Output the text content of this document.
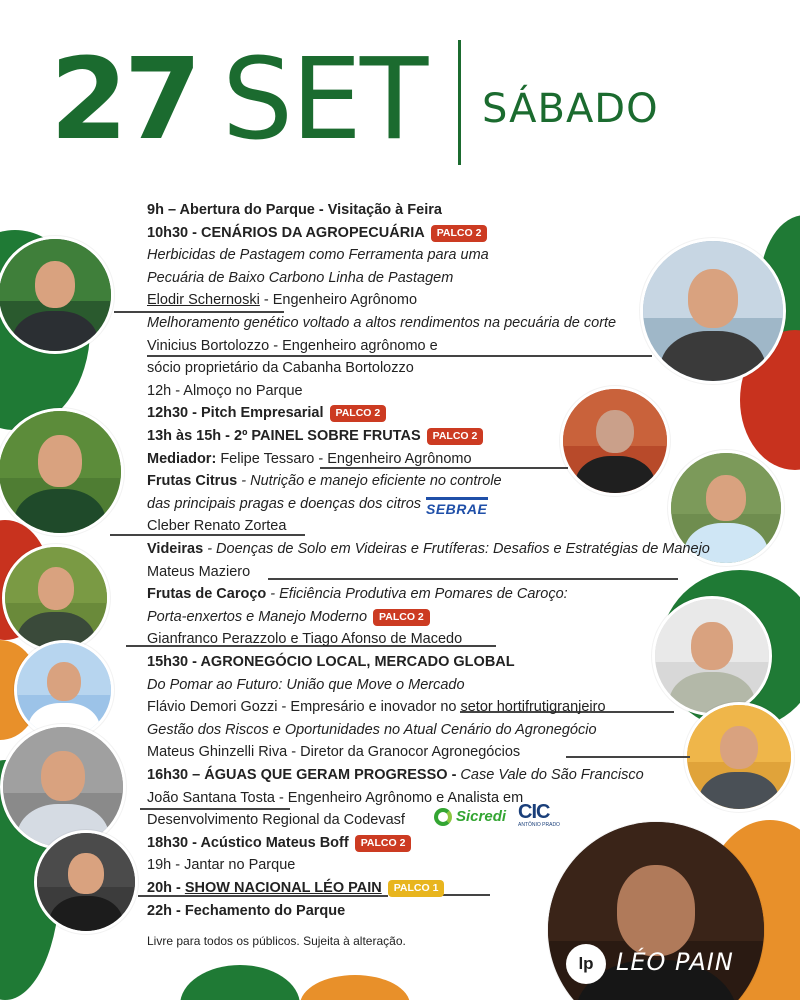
27 SET SÁBADO
9h – Abertura do Parque - Visitação à Feira
10h30 - CENÁRIOS DA AGROPECUÁRIA PALCO 2
Herbicidas de Pastagem como Ferramenta para uma
Pecuária de Baixo Carbono Linha de Pastagem
Elodir Schernoski - Engenheiro Agrônomo
Melhoramento genético voltado a altos rendimentos na pecuária de corte
Vinicius Bortolozzo - Engenheiro agrônomo e
sócio proprietário da Cabanha Bortolozzo
12h - Almoço no Parque
12h30 - Pitch Empresarial PALCO 2
13h às 15h - 2º PAINEL SOBRE FRUTAS PALCO 2
Mediador: Felipe Tessaro - Engenheiro Agrônomo
Frutas Citrus - Nutrição e manejo eficiente no controle
das principais pragas e doenças dos citros
Cleber Renato Zortea
Videiras - Doenças de Solo em Videiras e Frutíferas: Desafios e Estratégias de Manejo
Mateus Maziero
Frutas de Caroço - Eficiência Produtiva em Pomares de Caroço:
Porta-enxertos e Manejo Moderno PALCO 2
Gianfranco Perazzolo e Tiago Afonso de Macedo
15h30 - AGRONEGÓCIO LOCAL, MERCADO GLOBAL
Do Pomar ao Futuro: União que Move o Mercado
Flávio Demori Gozzi - Empresário e inovador no setor hortifrutigranjeiro
Gestão dos Riscos e Oportunidades no Atual Cenário do Agronegócio
Mateus Ghinzelli Riva - Diretor da Granocor Agronegócios
16h30 – ÁGUAS QUE GERAM PROGRESSO - Case Vale do São Francisco
João Santana Tosta - Engenheiro Agrônomo e Analista em
Desenvolvimento Regional da Codevasf
18h30 - Acústico Mateus Boff PALCO 2
19h - Jantar no Parque
20h - SHOW NACIONAL LÉO PAIN PALCO 1
22h - Fechamento do Parque
SEBRAE
Sicredi CIC
ANTÔNIO PRADO
Livre para todos os públicos. Sujeita à alteração.
lp LÉO PAIN
